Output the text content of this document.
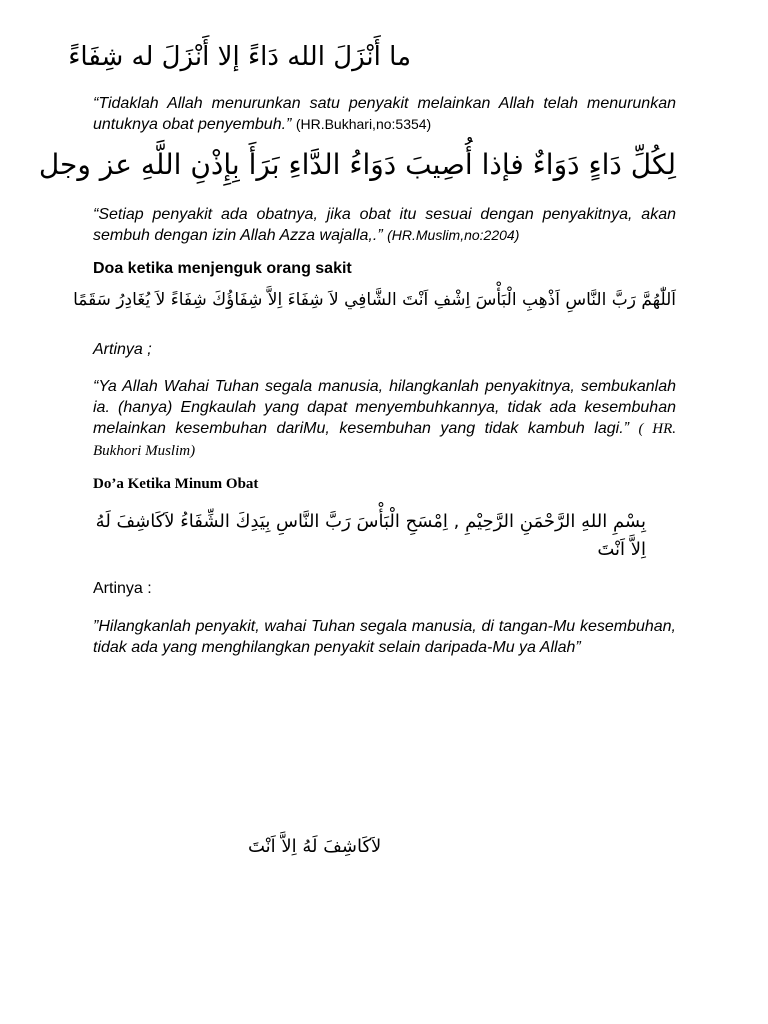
ما أَنْزَلَ الله دَاءً إلا أَنْزَلَ له شِفَاءً
“Tidaklah Allah menurunkan satu penyakit melainkan Allah telah menurunkan untuknya obat penyembuh.” (HR.Bukhari,no:5354)
لِكُلِّ دَاءٍ دَوَاءٌ فإذا أُصِيبَ دَوَاءُ الدَّاءِ بَرَأَ بِإِذْنِ اللَّهِ عز وجل
“Setiap penyakit ada obatnya, jika obat itu sesuai dengan penyakitnya, akan sembuh dengan izin Allah Azza wajalla,.” (HR.Muslim,no:2204)
Doa ketika menjenguk orang sakit
اَللّٰهُمَّ رَبَّ النَّاسِ اَذْهِبِ الْبَأْسَ اِشْفِ اَنْتَ الشَّافِي لاَ شِفَاءَ اِلاَّ شِفَاؤُكَ شِفَاءً لاَ يُغَادِرُ سَقَمًا
Artinya ;
“Ya Allah Wahai Tuhan segala manusia, hilangkanlah penyakitnya, sembukanlah ia. (hanya) Engkaulah yang dapat menyembuhkannya, tidak ada kesembuhan melainkan kesembuhan dariMu, kesembuhan yang tidak kambuh lagi.” ( HR. Bukhori Muslim)
Do’a Ketika Minum Obat
بِسْمِ اللهِ الرَّحْمَنِ الرَّحِيْمِ , اِمْسَحِ الْبَأْسَ رَبَّ النَّاسِ بِيَدِكَ الشِّفَاءُ لاَكَاشِفَ لَهُ اِلاَّ اَنْتَ
Artinya :
”Hilangkanlah penyakit, wahai Tuhan segala manusia, di tangan-Mu kesembuhan, tidak ada yang menghilangkan penyakit selain daripada-Mu ya Allah”
لاَكَاشِفَ لَهُ اِلاَّ اَنْتَ
